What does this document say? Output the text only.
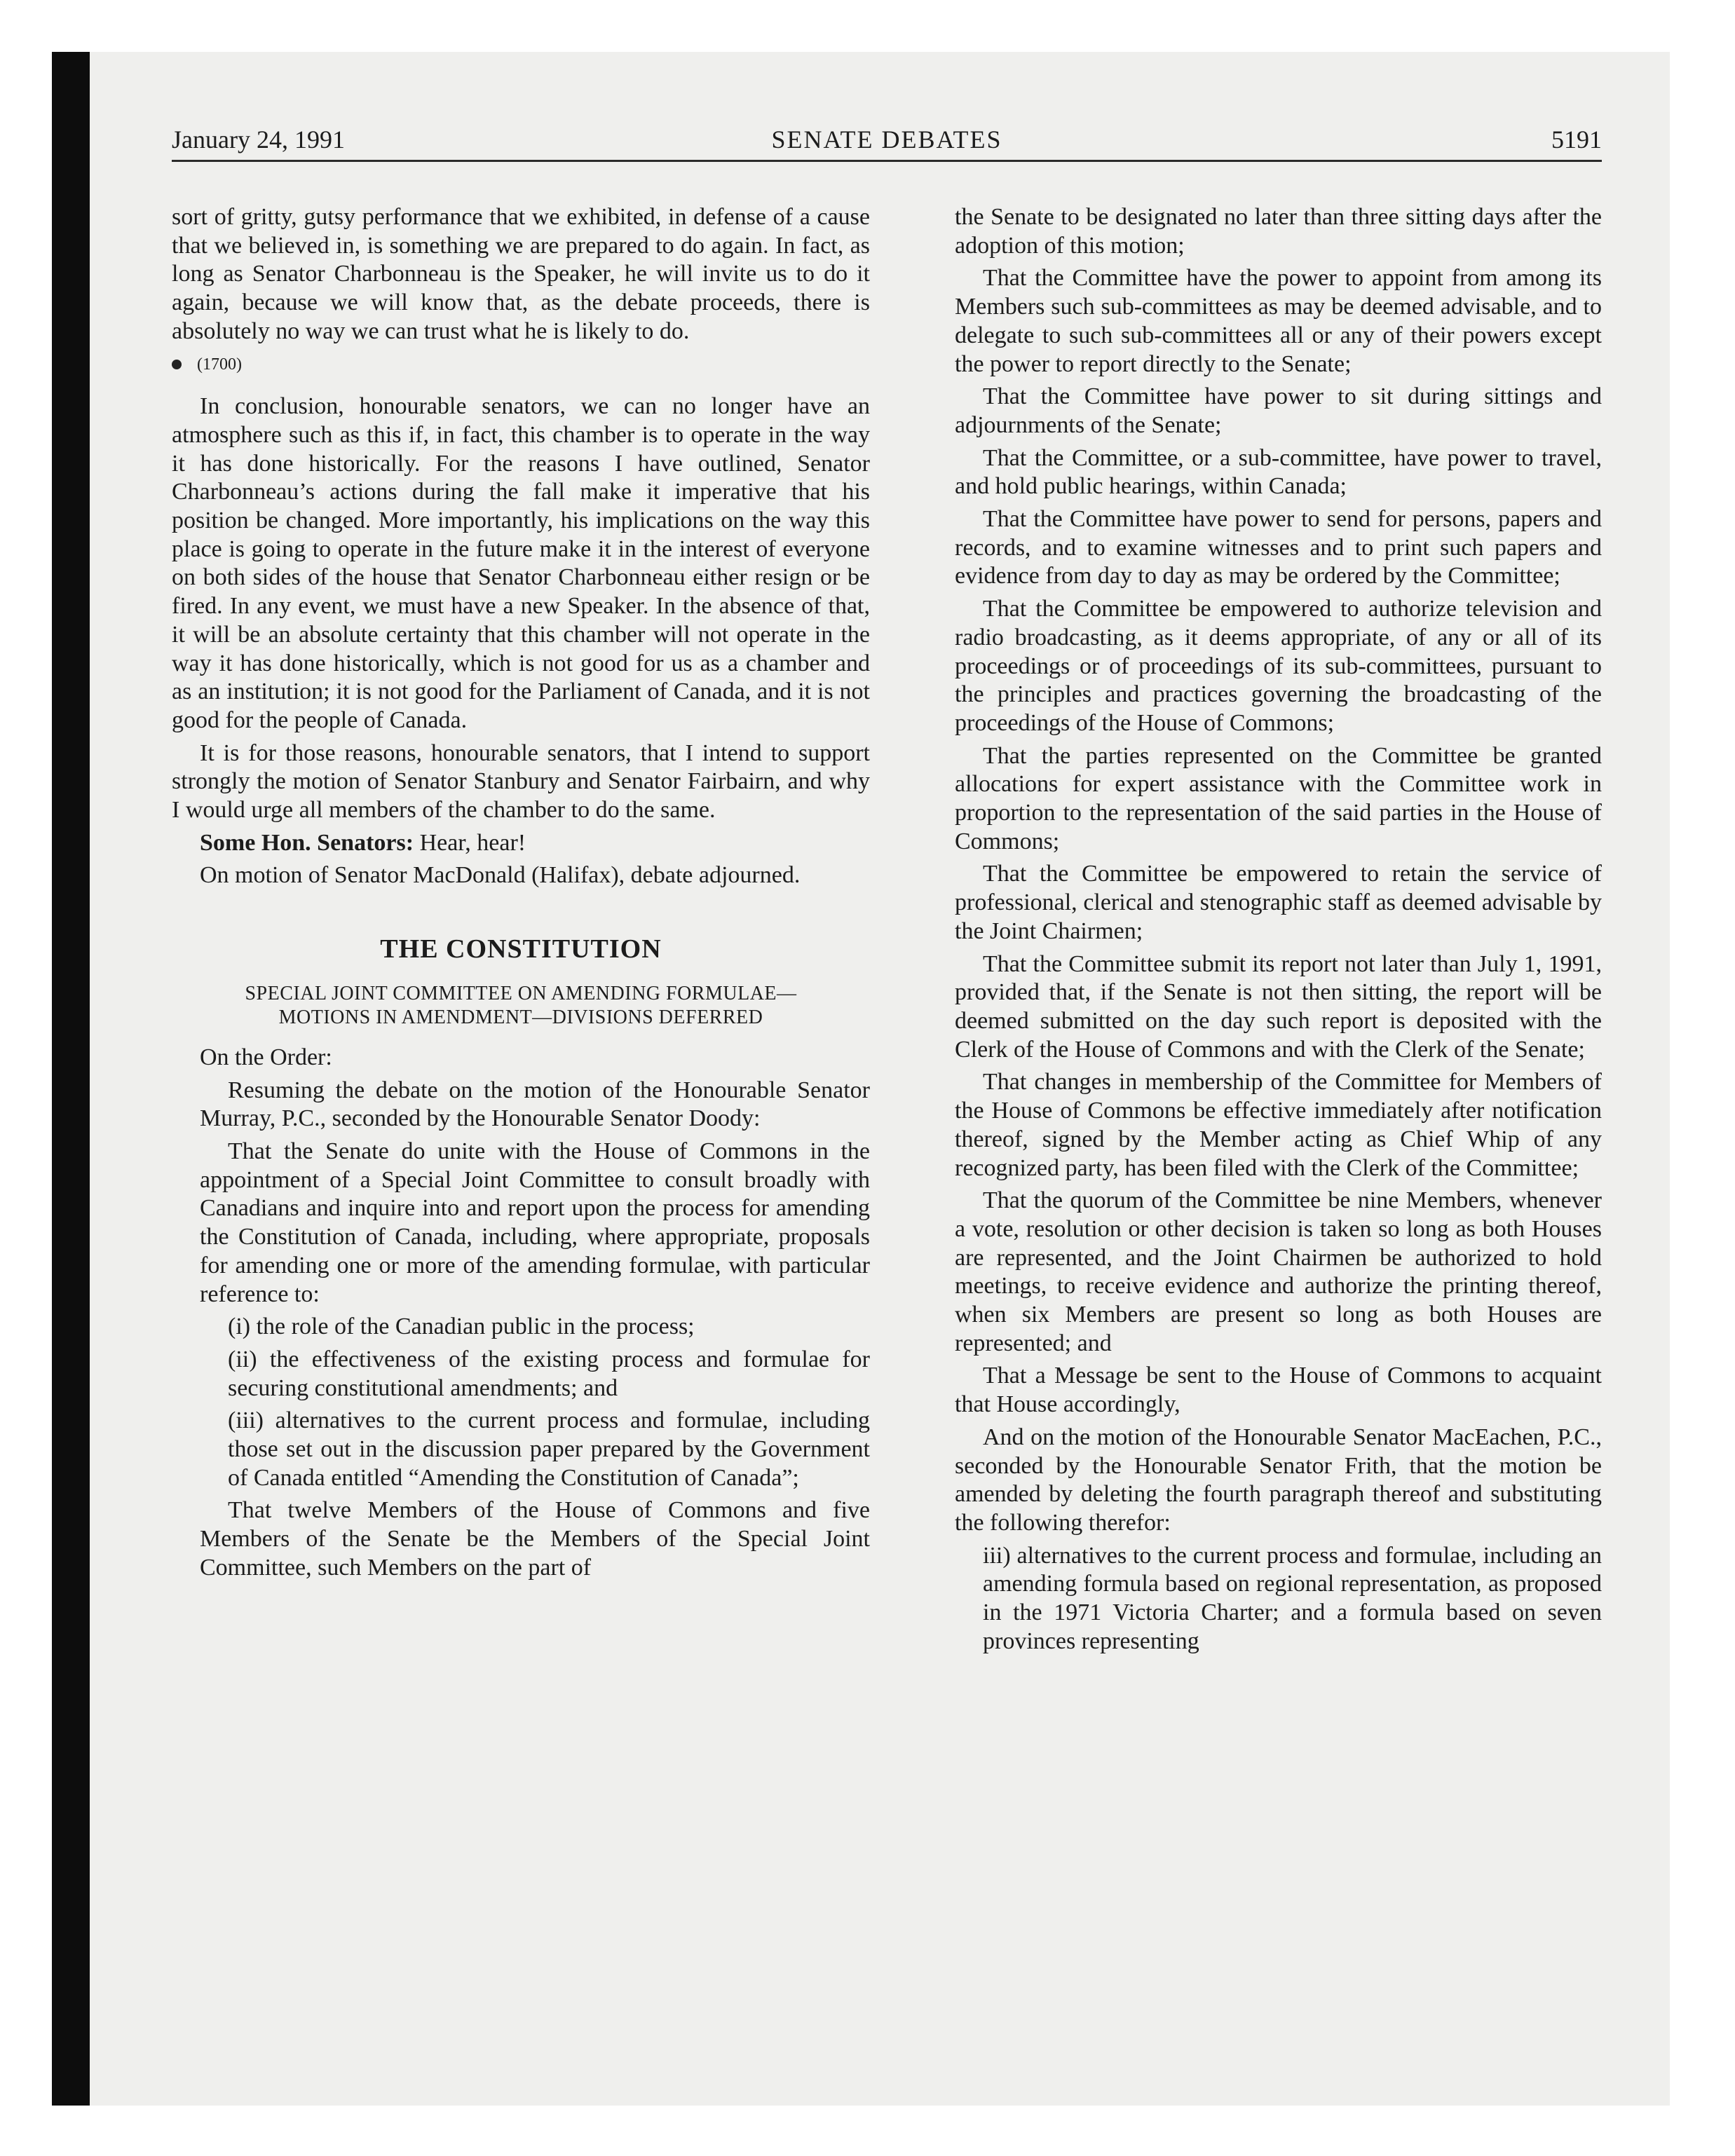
January 24, 1991	SENATE DEBATES	5191

sort of gritty, gutsy performance that we exhibited, in defense of a cause that we believed in, is something we are prepared to do again. In fact, as long as Senator Charbonneau is the Speaker, he will invite us to do it again, because we will know that, as the debate proceeds, there is absolutely no way we can trust what he is likely to do.

(1700)

In conclusion, honourable senators, we can no longer have an atmosphere such as this if, in fact, this chamber is to operate in the way it has done historically. For the reasons I have outlined, Senator Charbonneau’s actions during the fall make it imperative that his position be changed. More importantly, his implications on the way this place is going to operate in the future make it in the interest of everyone on both sides of the house that Senator Charbonneau either resign or be fired. In any event, we must have a new Speaker. In the absence of that, it will be an absolute certainty that this chamber will not operate in the way it has done historically, which is not good for us as a chamber and as an institution; it is not good for the Parliament of Canada, and it is not good for the people of Canada.

It is for those reasons, honourable senators, that I intend to support strongly the motion of Senator Stanbury and Senator Fairbairn, and why I would urge all members of the chamber to do the same.

Some Hon. Senators: Hear, hear!

On motion of Senator MacDonald (Halifax), debate adjourned.

THE CONSTITUTION

SPECIAL JOINT COMMITTEE ON AMENDING FORMULAE—
MOTIONS IN AMENDMENT—DIVISIONS DEFERRED

On the Order:

Resuming the debate on the motion of the Honourable Senator Murray, P.C., seconded by the Honourable Senator Doody:

That the Senate do unite with the House of Commons in the appointment of a Special Joint Committee to consult broadly with Canadians and inquire into and report upon the process for amending the Constitution of Canada, including, where appropriate, proposals for amending one or more of the amending formulae, with particular reference to:

(i) the role of the Canadian public in the process;

(ii) the effectiveness of the existing process and formulae for securing constitutional amendments; and

(iii) alternatives to the current process and formulae, including those set out in the discussion paper prepared by the Government of Canada entitled “Amending the Constitution of Canada”;

That twelve Members of the House of Commons and five Members of the Senate be the Members of the Special Joint Committee, such Members on the part of

the Senate to be designated no later than three sitting days after the adoption of this motion;

That the Committee have the power to appoint from among its Members such sub-committees as may be deemed advisable, and to delegate to such sub-committees all or any of their powers except the power to report directly to the Senate;

That the Committee have power to sit during sittings and adjournments of the Senate;

That the Committee, or a sub-committee, have power to travel, and hold public hearings, within Canada;

That the Committee have power to send for persons, papers and records, and to examine witnesses and to print such papers and evidence from day to day as may be ordered by the Committee;

That the Committee be empowered to authorize television and radio broadcasting, as it deems appropriate, of any or all of its proceedings or of proceedings of its sub-committees, pursuant to the principles and practices governing the broadcasting of the proceedings of the House of Commons;

That the parties represented on the Committee be granted allocations for expert assistance with the Committee work in proportion to the representation of the said parties in the House of Commons;

That the Committee be empowered to retain the service of professional, clerical and stenographic staff as deemed advisable by the Joint Chairmen;

That the Committee submit its report not later than July 1, 1991, provided that, if the Senate is not then sitting, the report will be deemed submitted on the day such report is deposited with the Clerk of the House of Commons and with the Clerk of the Senate;

That changes in membership of the Committee for Members of the House of Commons be effective immediately after notification thereof, signed by the Member acting as Chief Whip of any recognized party, has been filed with the Clerk of the Committee;

That the quorum of the Committee be nine Members, whenever a vote, resolution or other decision is taken so long as both Houses are represented, and the Joint Chairmen be authorized to hold meetings, to receive evidence and authorize the printing thereof, when six Members are present so long as both Houses are represented; and

That a Message be sent to the House of Commons to acquaint that House accordingly,

And on the motion of the Honourable Senator MacEachen, P.C., seconded by the Honourable Senator Frith, that the motion be amended by deleting the fourth paragraph thereof and substituting the following therefor:

iii) alternatives to the current process and formulae, including an amending formula based on regional representation, as proposed in the 1971 Victoria Charter; and a formula based on seven provinces representing
